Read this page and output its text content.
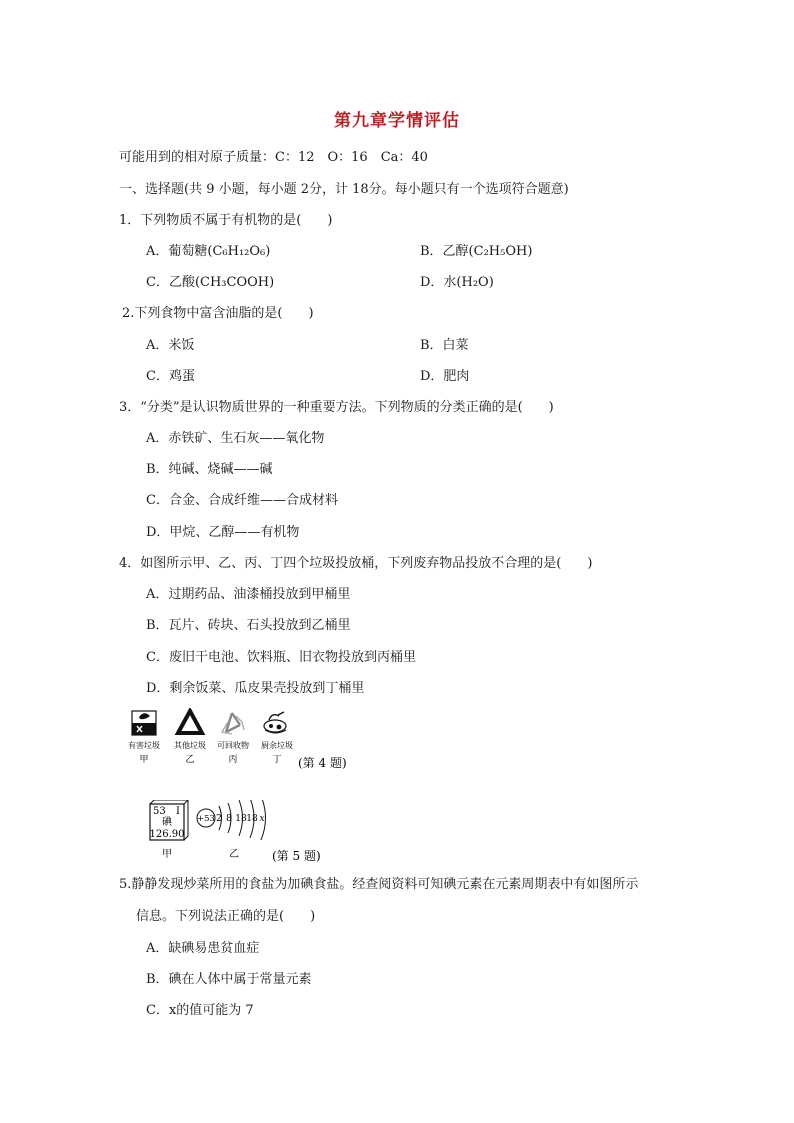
第九章学情评估
可能用到的相对原子质量：C：12　O：16　Ca：40
一、选择题(共 9 小题，每小题 2分，计 18分。每小题只有一个选项符合题意)
1．下列物质不属于有机物的是(　　)
A．葡萄糖(C₆H₁₂O₆)	B．乙醇(C₂H₅OH)
C．乙酸(CH₃COOH)	D．水(H₂O)
2.下列食物中富含油脂的是(　　)
A．米饭	B．白菜
C．鸡蛋	D．肥肉
3．“分类”是认识物质世界的一种重要方法。下列物质的分类正确的是(　　)
A．赤铁矿、生石灰——氧化物
B．纯碱、烧碱——碱
C．合金、合成纤维——合成材料
D．甲烷、乙醇——有机物
4．如图所示甲、乙、丙、丁四个垃圾投放桶，下列废弃物品投放不合理的是(　　)
A．过期药品、油漆桶投放到甲桶里
B．瓦片、砖块、石头投放到乙桶里
C．废旧干电池、饮料瓶、旧衣物投放到丙桶里
D．剩余饭菜、瓜皮果壳投放到丁桶里
有害垃圾 其他垃圾 可回收物 厨余垃圾
甲	乙	丙	丁 (第 4 题)
53 I
碘
126.90
+53 2 8 18 18 x
甲	乙	(第 5 题)
5.静静发现炒菜所用的食盐为加碘食盐。经查阅资料可知碘元素在元素周期表中有如图所示
信息。下列说法正确的是(　　)
A．缺碘易患贫血症
B．碘在人体中属于常量元素
C．x的值可能为 7
